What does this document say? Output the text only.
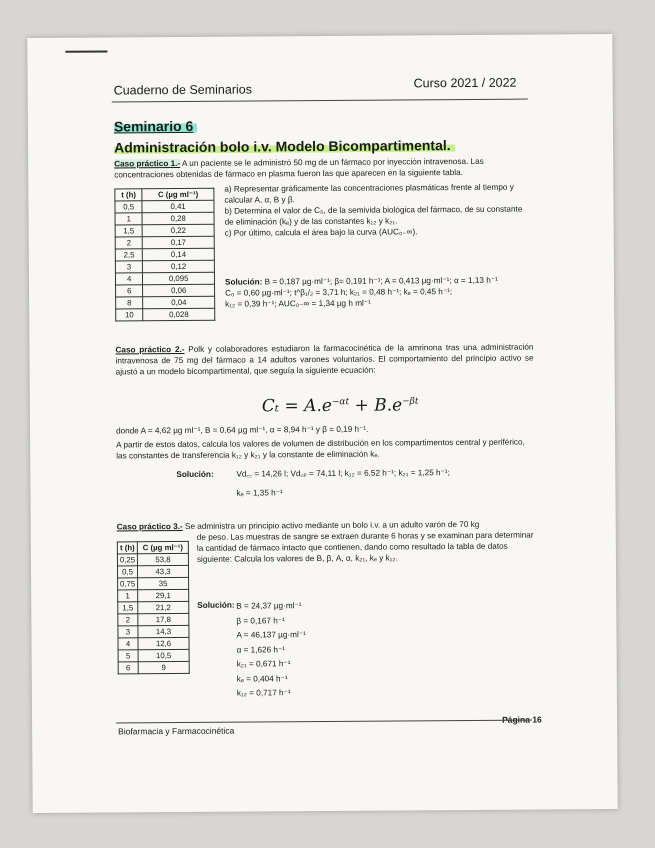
Cuaderno de Seminarios	Curso 2021 / 2022
Seminario 6
Administración bolo i.v. Modelo Bicompartimental.
Caso práctico 1.- A un paciente se le administró 50 mg de un fármaco por inyección intravenosa. Las concentraciones obtenidas de fármaco en plasma fueron las que aparecen en la siguiente tabla.
t (h)	C (µg ml⁻¹)
0,5	0,41
1	0,28
1,5	0,22
2	0,17
2,5	0,14
3	0,12
4	0,095
6	0,06
8	0,04
10	0,028
a) Representar gráficamente las concentraciones plasmáticas frente al tiempo y calcular A, α, B y β.
b) Determina el valor de C₀, de la semivida biológica del fármaco, de su constante de eliminación (kₑ) y de las constantes k₁₂ y k₂₁.
c) Por último, calcula el área bajo la curva (AUC₀₋∞).
Solución: B = 0,187 µg·ml⁻¹; β= 0,191 h⁻¹; A = 0,413 µg·ml⁻¹; α = 1,13 h⁻¹
C₀ = 0,60 µg·ml⁻¹; t^β₁/₂ = 3,71 h; k₂₁ = 0,48 h⁻¹; kₑ = 0,45 h⁻¹;
k₁₂ = 0,39 h⁻¹; AUC₀₋∞ = 1,34 µg h ml⁻¹
Caso práctico 2.- Polk y colaboradores estudiaron la farmacocinética de la amrinona tras una administración intravenosa de 75 mg del fármaco a 14 adultos varones voluntarios. El comportamiento del principio activo se ajustó a un modelo bicompartimental, que seguía la siguiente ecuación:
$C_t = A.e^{-\alpha t} + B.e^{-\beta t}$
donde A = 4,62 µg ml⁻¹, B = 0,64 µg ml⁻¹, α = 8,94 h⁻¹ y β = 0,19 h⁻¹.
A partir de estos datos, calcula los valores de volumen de distribución en los compartimentos central y periférico, las constantes de transferencia k₁₂ y k₂₁ y la constante de eliminación kₑ.
Solución:	Vd꜀꜀ = 14,26 l; Vd꜀ₚ = 74,11 l; k₁₂ = 6,52 h⁻¹; k₂₁ = 1,25 h⁻¹;
kₑ = 1,35 h⁻¹
Caso práctico 3.- Se administra un principio activo mediante un bolo i.v. a un adulto varón de 70 kg
de peso. Las muestras de sangre se extraen durante 6 horas y se examinan para determinar la cantidad de fármaco intacto que contienen, dando como resultado la tabla de datos siguiente: Calcula los valores de B, β, A, α, k₂₁, kₑ y k₁₂.
t (h)	C (µg ml⁻¹)
0,25	53,8
0,5	43,3
0,75	35
1	29,1
1,5	21,2
2	17,8
3	14,3
4	12,6
5	10,5
6	9
Solución: B = 24,37 µg·ml⁻¹
β = 0,167 h⁻¹
A = 46,137 µg·ml⁻¹
α = 1,626 h⁻¹
k₂₁ = 0,671 h⁻¹
kₑ = 0,404 h⁻¹
k₁₂ = 0,717 h⁻¹
Página 16
Biofarmacia y Farmacocinética
